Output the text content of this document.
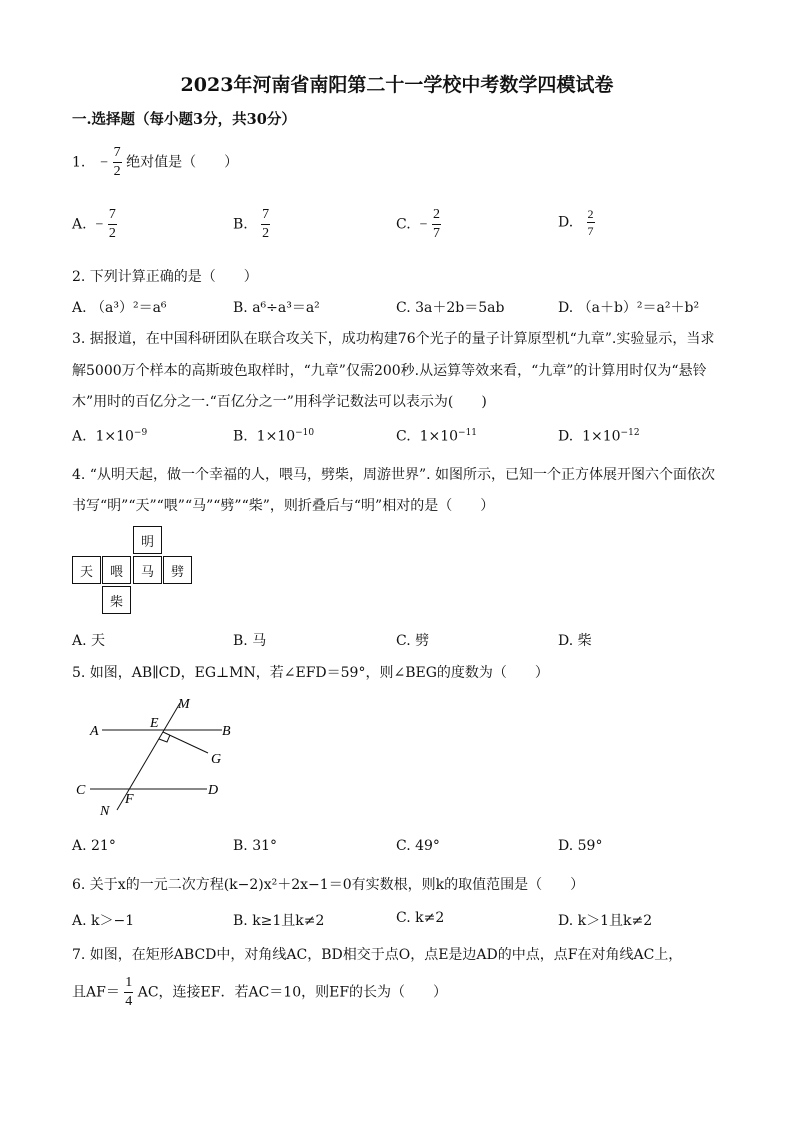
2023年河南省南阳第二十一学校中考数学四模试卷
一.选择题（每小题3分，共30分）
1. − $\frac{7}{2}$ 绝对值是（　　）
A. − $\frac{7}{2}$	B. $\frac{7}{2}$	C. − $\frac{2}{7}$	D. $\frac{2}{7}$
2. 下列计算正确的是（　　）
A. （a³）²＝a⁶	B. a⁶÷a³＝a²	C. 3a＋2b＝5ab	D. （a＋b）²＝a²＋b²
3. 据报道，在中国科研团队在联合攻关下，成功构建76个光子的量子计算原型机“九章”.实验显示，当求
解5000万个样本的高斯玻色取样时，“九章”仅需200秒.从运算等效来看，“九章”的计算用时仅为“悬铃
木”用时的百亿分之一.“百亿分之一”用科学记数法可以表示为(　　)
A. $1\times 10^{-9}$	B. $1\times 10^{-10}$	C. $1\times 10^{-11}$	D. $1\times 10^{-12}$
4. “从明天起，做一个幸福的人，喂马，劈柴，周游世界”. 如图所示，已知一个正方体展开图六个面依次
书写“明”“天”“喂”“马”“劈”“柴”，则折叠后与“明”相对的是（　　）
明
天	喂	马	劈
柴
A. 天	B. 马	C. 劈	D. 柴
5. 如图，AB∥CD，EG⊥MN，若∠EFD＝59°，则∠BEG的度数为（　　）
A	B
C	D
E
F
G
M
N
A. 21°	B. 31°	C. 49°	D. 59°
6. 关于x的一元二次方程(k−2)x²＋2x−1＝0有实数根，则k的取值范围是（　　）
A. k＞−1	B. k≥1且k≠2	C. k≠2	D. k＞1且k≠2
7. 如图，在矩形ABCD中，对角线AC，BD相交于点O，点E是边AD的中点，点F在对角线AC上，
且$AF= \frac{1}{4}$ AC，连接EF．若AC＝10，则EF的长为（　　）
